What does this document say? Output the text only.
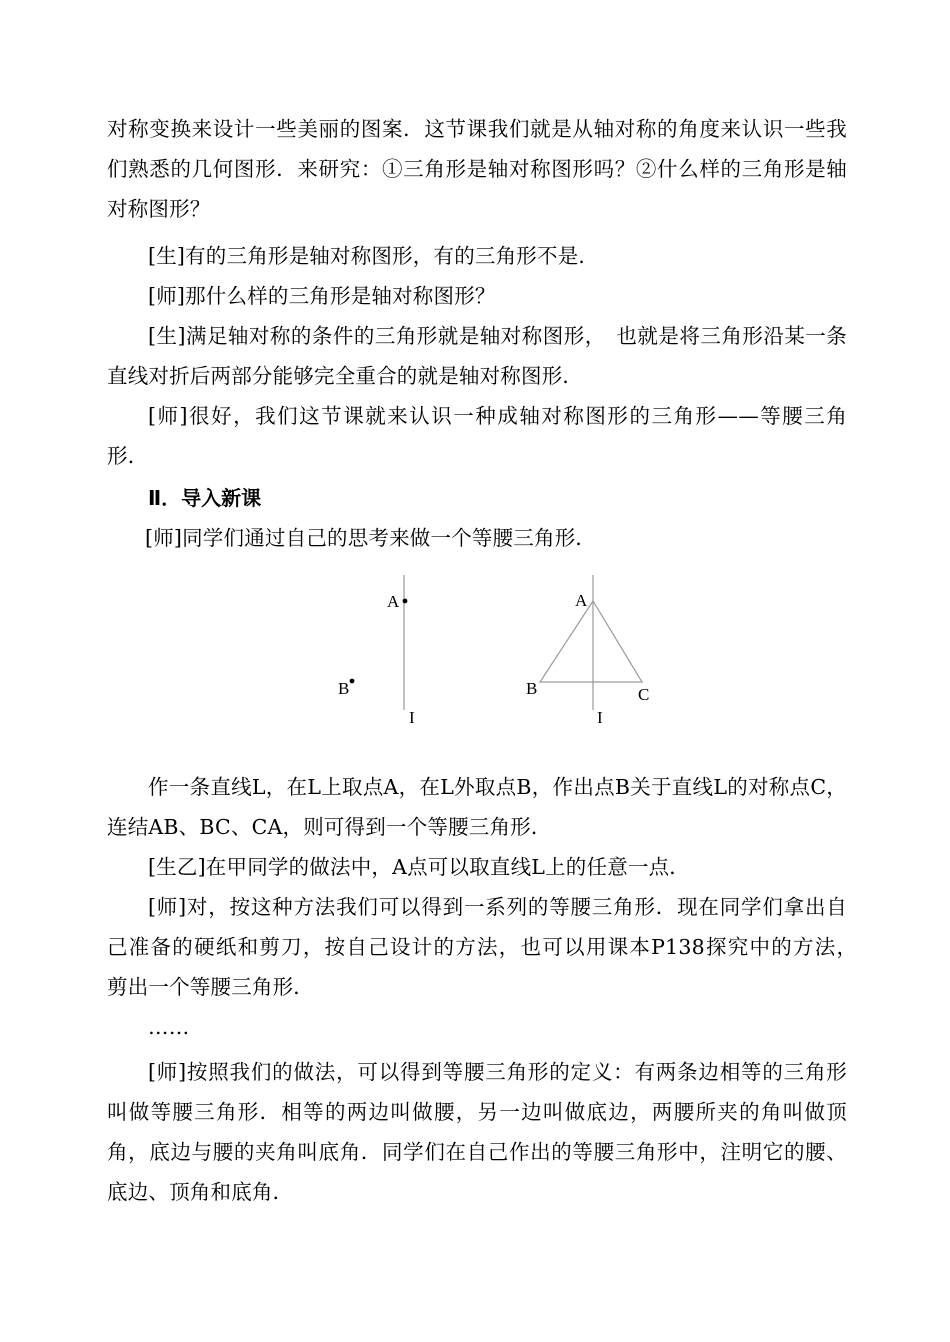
对称变换来设计一些美丽的图案．这节课我们就是从轴对称的角度来认识一些我们熟悉的几何图形．来研究：①三角形是轴对称图形吗？②什么样的三角形是轴对称图形？

[生]有的三角形是轴对称图形，有的三角形不是．

[师]那什么样的三角形是轴对称图形？

[生]满足轴对称的条件的三角形就是轴对称图形，　也就是将三角形沿某一条直线对折后两部分能够完全重合的就是轴对称图形．

[师]很好，我们这节课就来认识一种成轴对称图形的三角形——等腰三角形．

Ⅱ．导入新课

[师]同学们通过自己的思考来做一个等腰三角形．

A
B
I
A
B	C
I

作一条直线L，在L上取点A，在L外取点B，作出点B关于直线L的对称点C，连结AB、BC、CA，则可得到一个等腰三角形．

[生乙]在甲同学的做法中，A点可以取直线L上的任意一点．

[师]对，按这种方法我们可以得到一系列的等腰三角形．现在同学们拿出自己准备的硬纸和剪刀，按自己设计的方法，也可以用课本P138探究中的方法，　剪出一个等腰三角形．

……

[师]按照我们的做法，可以得到等腰三角形的定义：有两条边相等的三角形叫做等腰三角形．相等的两边叫做腰，另一边叫做底边，两腰所夹的角叫做顶角，底边与腰的夹角叫底角．同学们在自己作出的等腰三角形中，注明它的腰、底边、顶角和底角．
